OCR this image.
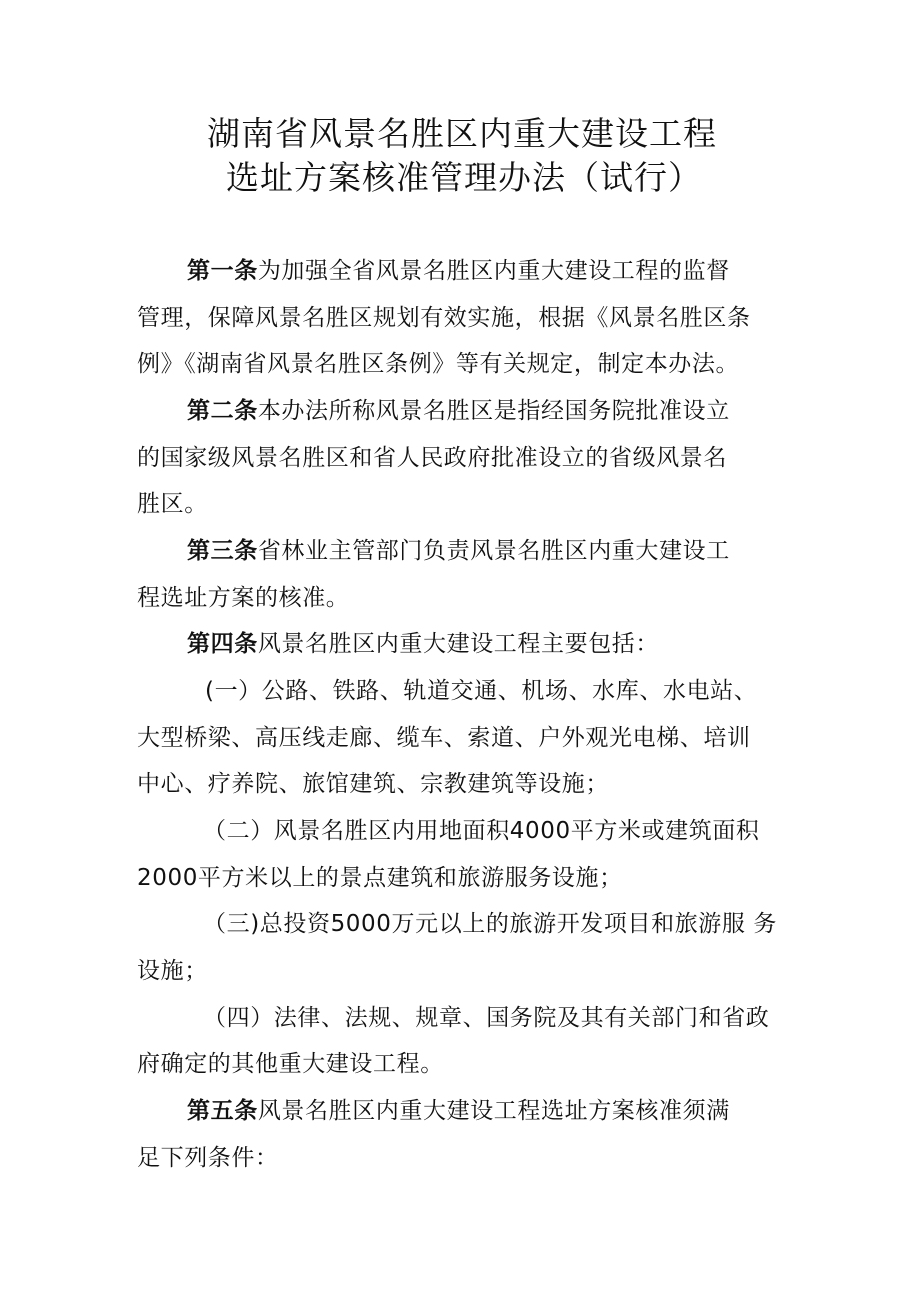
湖南省风景名胜区内重大建设工程
选址方案核准管理办法（试行）
第一条为加强全省风景名胜区内重大建设工程的监督
管理，保障风景名胜区规划有效实施，根据《风景名胜区条
例》《湖南省风景名胜区条例》等有关规定，制定本办法。
第二条本办法所称风景名胜区是指经国务院批准设立
的国家级风景名胜区和省人民政府批准设立的省级风景名
胜区。
第三条省林业主管部门负责风景名胜区内重大建设工
程选址方案的核准。
第四条风景名胜区内重大建设工程主要包括：
(一）公路、铁路、轨道交通、机场、水库、水电站、
大型桥梁、高压线走廊、缆车、索道、户外观光电梯、培训
中心、疗养院、旅馆建筑、宗教建筑等设施；
（二）风景名胜区内用地面积4000平方米或建筑面积
2000平方米以上的景点建筑和旅游服务设施；
（三)总投资5000万元以上的旅游开发项目和旅游服 务
设施；
（四）法律、法规、规章、国务院及其有关部门和省政
府确定的其他重大建设工程。
第五条风景名胜区内重大建设工程选址方案核准须满
足下列条件：
